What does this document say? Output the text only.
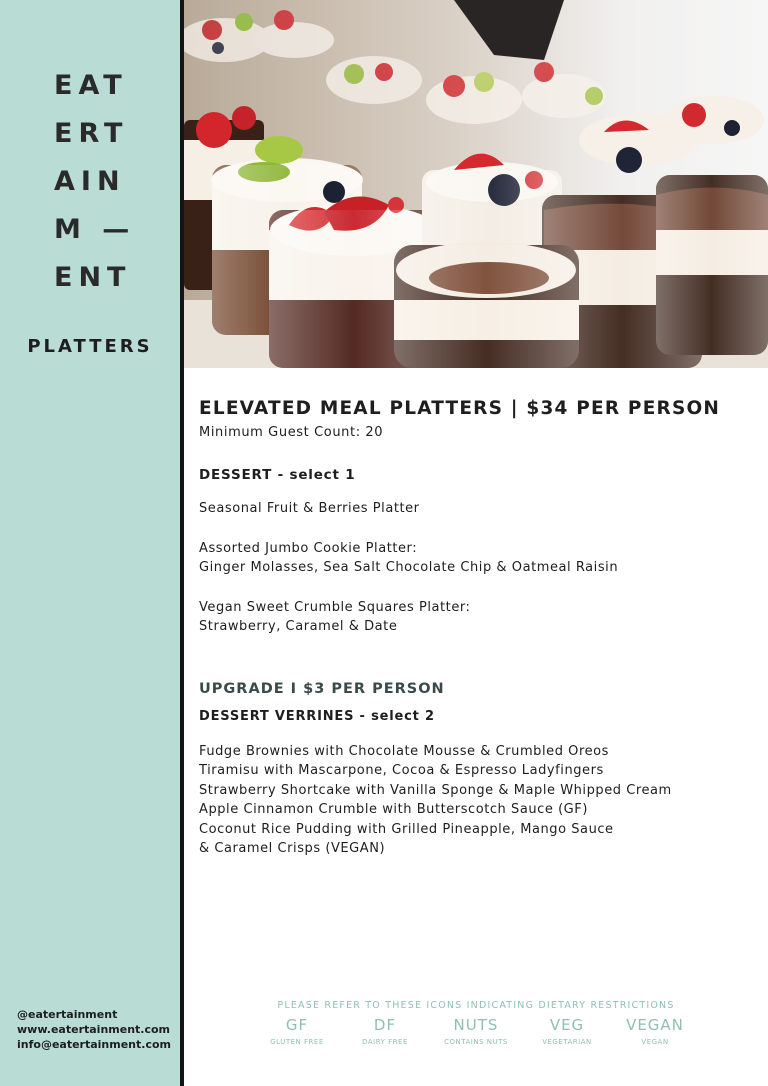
EAT
ERT
AIN
M —
ENT
PLATTERS
@eatertainment
www.eatertainment.com
info@eatertainment.com
ELEVATED MEAL PLATTERS | $34 PER PERSON
Minimum Guest Count: 20
DESSERT - select 1
Seasonal Fruit & Berries Platter
Assorted Jumbo Cookie Platter:
Ginger Molasses, Sea Salt Chocolate Chip & Oatmeal Raisin
Vegan Sweet Crumble Squares Platter:
Strawberry, Caramel & Date
UPGRADE I $3 PER PERSON
DESSERT VERRINES - select 2
Fudge Brownies with Chocolate Mousse & Crumbled Oreos
Tiramisu with Mascarpone, Cocoa & Espresso Ladyfingers
Strawberry Shortcake with Vanilla Sponge & Maple Whipped Cream
Apple Cinnamon Crumble with Butterscotch Sauce (GF)
Coconut Rice Pudding with Grilled Pineapple, Mango Sauce
& Caramel Crisps (VEGAN)
PLEASE REFER TO THESE ICONS INDICATING DIETARY RESTRICTIONS
GF
GLUTEN FREE
DF
DAIRY FREE
NUTS
CONTAINS NUTS
VEG
VEGETARIAN
VEGAN
VEGAN
